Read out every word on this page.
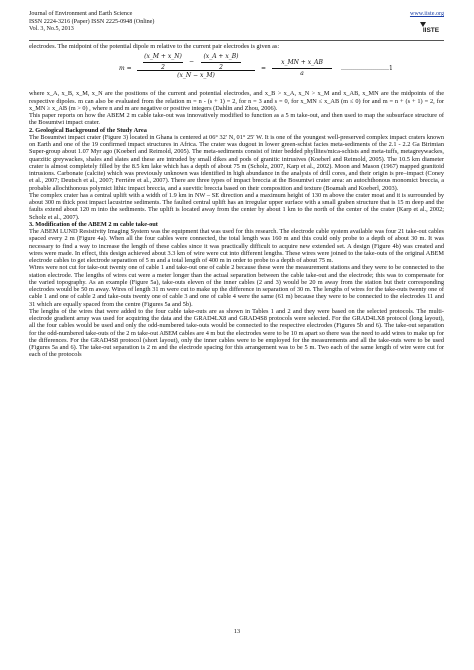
Journal of Environment and Earth Science
ISSN 2224-3216 (Paper) ISSN 2225-0948 (Online)
Vol. 3, No.5, 2013
www.iiste.org
IISTE

electrodes. The midpoint of the potential dipole m relative to the current pair electrodes is given as:

m =
(x_M + x_N)
2
−
(x_A + x_B)
2
(x_N − x_M)
=
x_MN + x_AB
a
……………………1

where x_A, x_B, x_M, x_N are the positions of the current and potential electrodes, and x_B > x_A, x_N > x_M and x_AB, x_MN are the midpoints of the respective dipoles. m can also be evaluated from the relation m = n - (s + 1) = 2, for n = 3 and s = 0, for x_MN ≤ x_AB (m ≤ 0) for and m = n + (s + 1) = 2, for x_MN ≥ x_AB (m > 0) , where n and m are negative or positive integers (Dahlin and Zhou, 2006).

This paper reports on how the ABEM 2 m cable take-out was innovatively modified to function as a 5 m take-out, and then used to map the subsurface structure of the Bosumtwi impact crater.

2. Geological Background of the Study Area

The Bosumtwi impact crater (Figure 3) located in Ghana is centered at 06° 32′ N, 01° 25′ W. It is one of the youngest well-preserved complex impact craters known on Earth and one of the 19 confirmed impact structures in Africa. The crater was dugout in lower green-schist facies meta-sediments of the 2.1 - 2.2 Ga Birimian Super-group about 1.07 Myr ago (Koeberl and Reimold, 2005). The meta-sediments consist of inter bedded phyllites/mica-schists and meta-tuffs, metagreywackes, quarzitic greywackes, shales and slates and these are intruded by small dikes and pods of granitic intrusives (Koeberl and Reimold, 2005). The 10.5 km diameter crater is almost completely filled by the 8.5 km lake which has a depth of about 75 m (Scholz, 2007, Karp et al., 2002). Moon and Mason (1967) mapped granitoid intrusions. Carbonate (calcite) which was previously unknown was identified in high abundance in the analysis of drill cores, and their origin is pre–impact (Coney et al., 2007; Deutsch et al., 2007; Ferrière et al., 2007). There are three types of impact breccia at the Bosumtwi crater area: an autochthonous monomict breccia, a probable allochthonous polymict lithic impact breccia, and a suevitic breccia based on their composition and texture (Boamah and Koeberl, 2003).

The complex crater has a central uplift with a width of 1.9 km in NW – SE direction and a maximum height of 130 m above the crater moat and it is surrounded by about 300 m thick post impact lacustrine sediments. The faulted central uplift has an irregular upper surface with a small graben structure that is 15 m deep and the faults extend about 120 m into the sediments. The uplift is located away from the center by about 1 km to the north of the center of the crater (Karp et al., 2002; Scholz et al., 2007).

3. Modification of the ABEM 2 m cable take-out

The ABEM LUND Resistivity Imaging System was the equipment that was used for this research. The electrode cable system available was four 21 take-out cables spaced every 2 m (Figure 4a). When all the four cables were connected, the total length was 160 m and this could only probe to a depth of about 30 m. It was necessary to find a way to increase the length of these cables since it was practically difficult to acquire new extended set. A design (Figure 4b) was created and wires were made. In effect, this design achieved about 3.3 km of wire were cut into different lengths. These wires were joined to the take-outs of the original ABEM electrode cables to get electrode separation of 5 m and a total length of 400 m in order to probe to a depth of about 75 m.

Wires were not cut for take-out twenty one of cable 1 and take-out one of cable 2 because these were the measurement stations and they were to be connected to the station electrode. The lengths of wires cut were a meter longer than the actual separation between the cable take-out and the electrode; this was to compensate for the varied topography. As an example (Figure 5a), take-outs eleven of the inner cables (2 and 3) would be 20 m away from the station but their corresponding electrodes would be 50 m away. Wires of length 31 m were cut to make up the difference in separation of 30 m. The lengths of wires for the take-outs twenty one of cable 1 and one of cable 2 and take-outs twenty one of cable 3 and one of cable 4 were the same (61 m) because they were to be connected to the electrodes 11 and 31 which are equally spaced from the centre (Figures 5a and 5b).

The lengths of the wires that were added to the four cable take-outs are as shown in Tables 1 and 2 and they were based on the selected protocols. The multi-electrode gradient array was used for acquiring the data and the GRAD4LX8 and GRAD4S8 protocols were selected. For the GRAD4LX8 protocol (long layout), all the four cables would be used and only the odd-numbered take-outs would be connected to the respective electrodes (Figures 5b and 6). The take-out separation for the odd-numbered take-outs of the 2 m take-out ABEM cables are 4 m but the electrodes were to be 10 m apart so there was the need to add wires to make up for the differences. For the GRAD4S8 protocol (short layout), only the inner cables were to be employed for the measurements and all the take-outs were to be used (Figures 5a and 6). The take-out separation is 2 m and the electrode spacing for this arrangement was to be 5 m. Two each of the same length of wire were cut for each of the protocols

13
